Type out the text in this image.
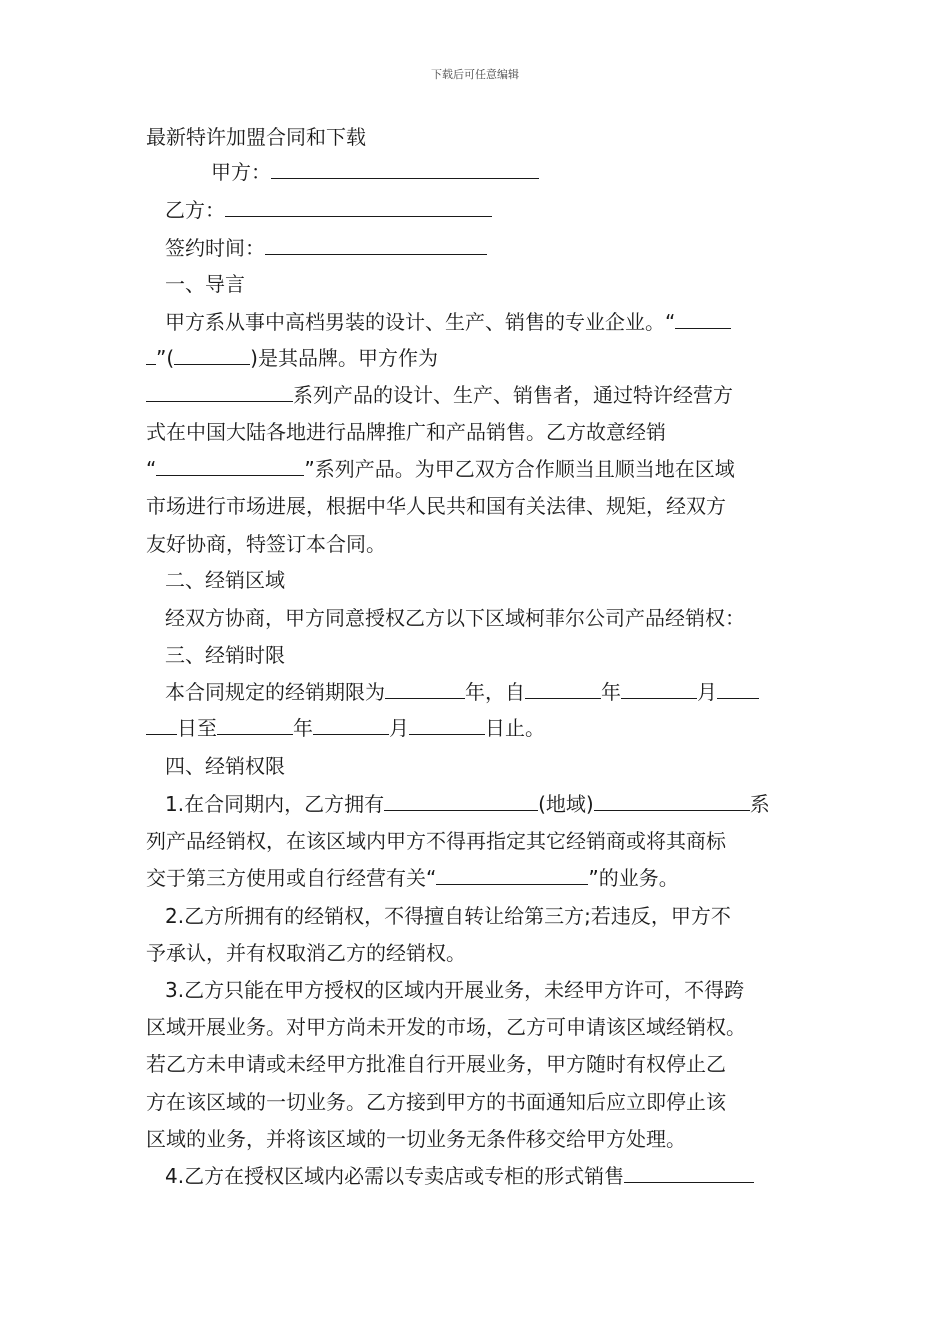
下载后可任意编辑
最新特许加盟合同和下载
甲方：
乙方：
签约时间：
一、导言
甲方系从事中高档男装的设计、生产、销售的专业企业。“
”(	)是其品牌。甲方作为
系列产品的设计、生产、销售者，通过特许经营方
式在中国大陆各地进行品牌推广和产品销售。乙方故意经销
“	”系列产品。为甲乙双方合作顺当且顺当地在区域
市场进行市场进展，根据中华人民共和国有关法律、规矩，经双方
友好协商，特签订本合同。
二、经销区域
经双方协商，甲方同意授权乙方以下区域柯菲尔公司产品经销权：
三、经销时限
本合同规定的经销期限为	年，自	年	月
日至	年	月	日止。
四、经销权限
1.在合同期内，乙方拥有	(地域)	系
列产品经销权，在该区域内甲方不得再指定其它经销商或将其商标
交于第三方使用或自行经营有关“	”的业务。
2.乙方所拥有的经销权，不得擅自转让给第三方;若违反，甲方不
予承认，并有权取消乙方的经销权。
3.乙方只能在甲方授权的区域内开展业务，未经甲方许可，不得跨
区域开展业务。对甲方尚未开发的市场，乙方可申请该区域经销权。
若乙方未申请或未经甲方批准自行开展业务，甲方随时有权停止乙
方在该区域的一切业务。乙方接到甲方的书面通知后应立即停止该
区域的业务，并将该区域的一切业务无条件移交给甲方处理。
4.乙方在授权区域内必需以专卖店或专柜的形式销售
